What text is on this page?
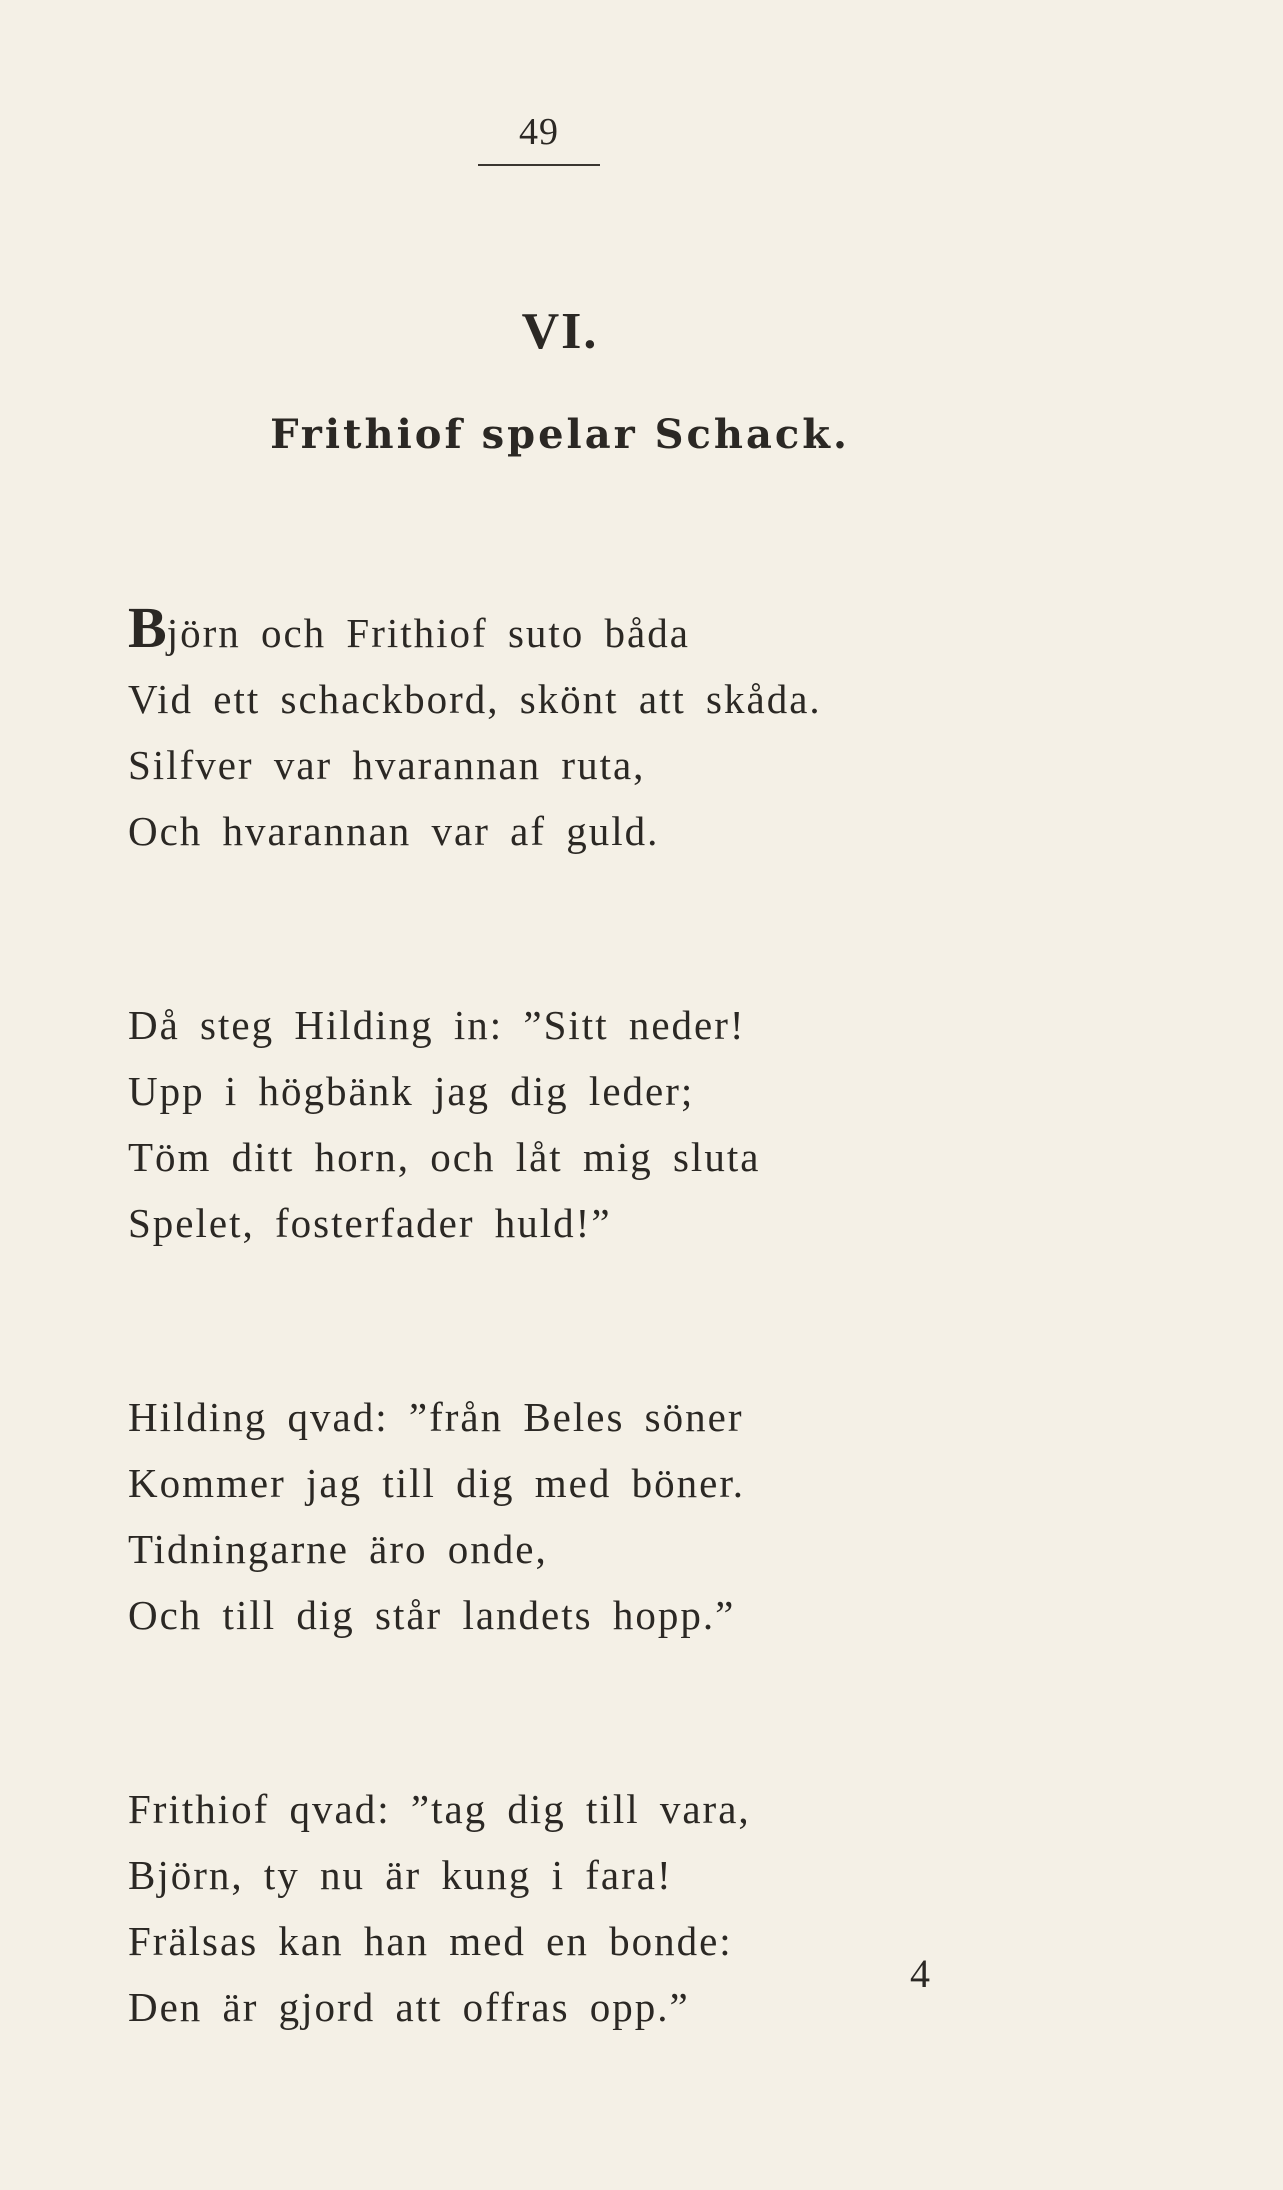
49
VI.
Frithiof spelar Schack.
Björn och Frithiof suto båda
Vid ett schackbord, skönt att skåda.
Silfver var hvarannan ruta,
Och hvarannan var af guld.
Då steg Hilding in: ”Sitt neder!
Upp i högbänk jag dig leder;
Töm ditt horn, och låt mig sluta
Spelet, fosterfader huld!”
Hilding qvad: ”från Beles söner
Kommer jag till dig med böner.
Tidningarne äro onde,
Och till dig står landets hopp.”
Frithiof qvad: ”tag dig till vara,
Björn, ty nu är kung i fara!
Frälsas kan han med en bonde:
Den är gjord att offras opp.”
4
